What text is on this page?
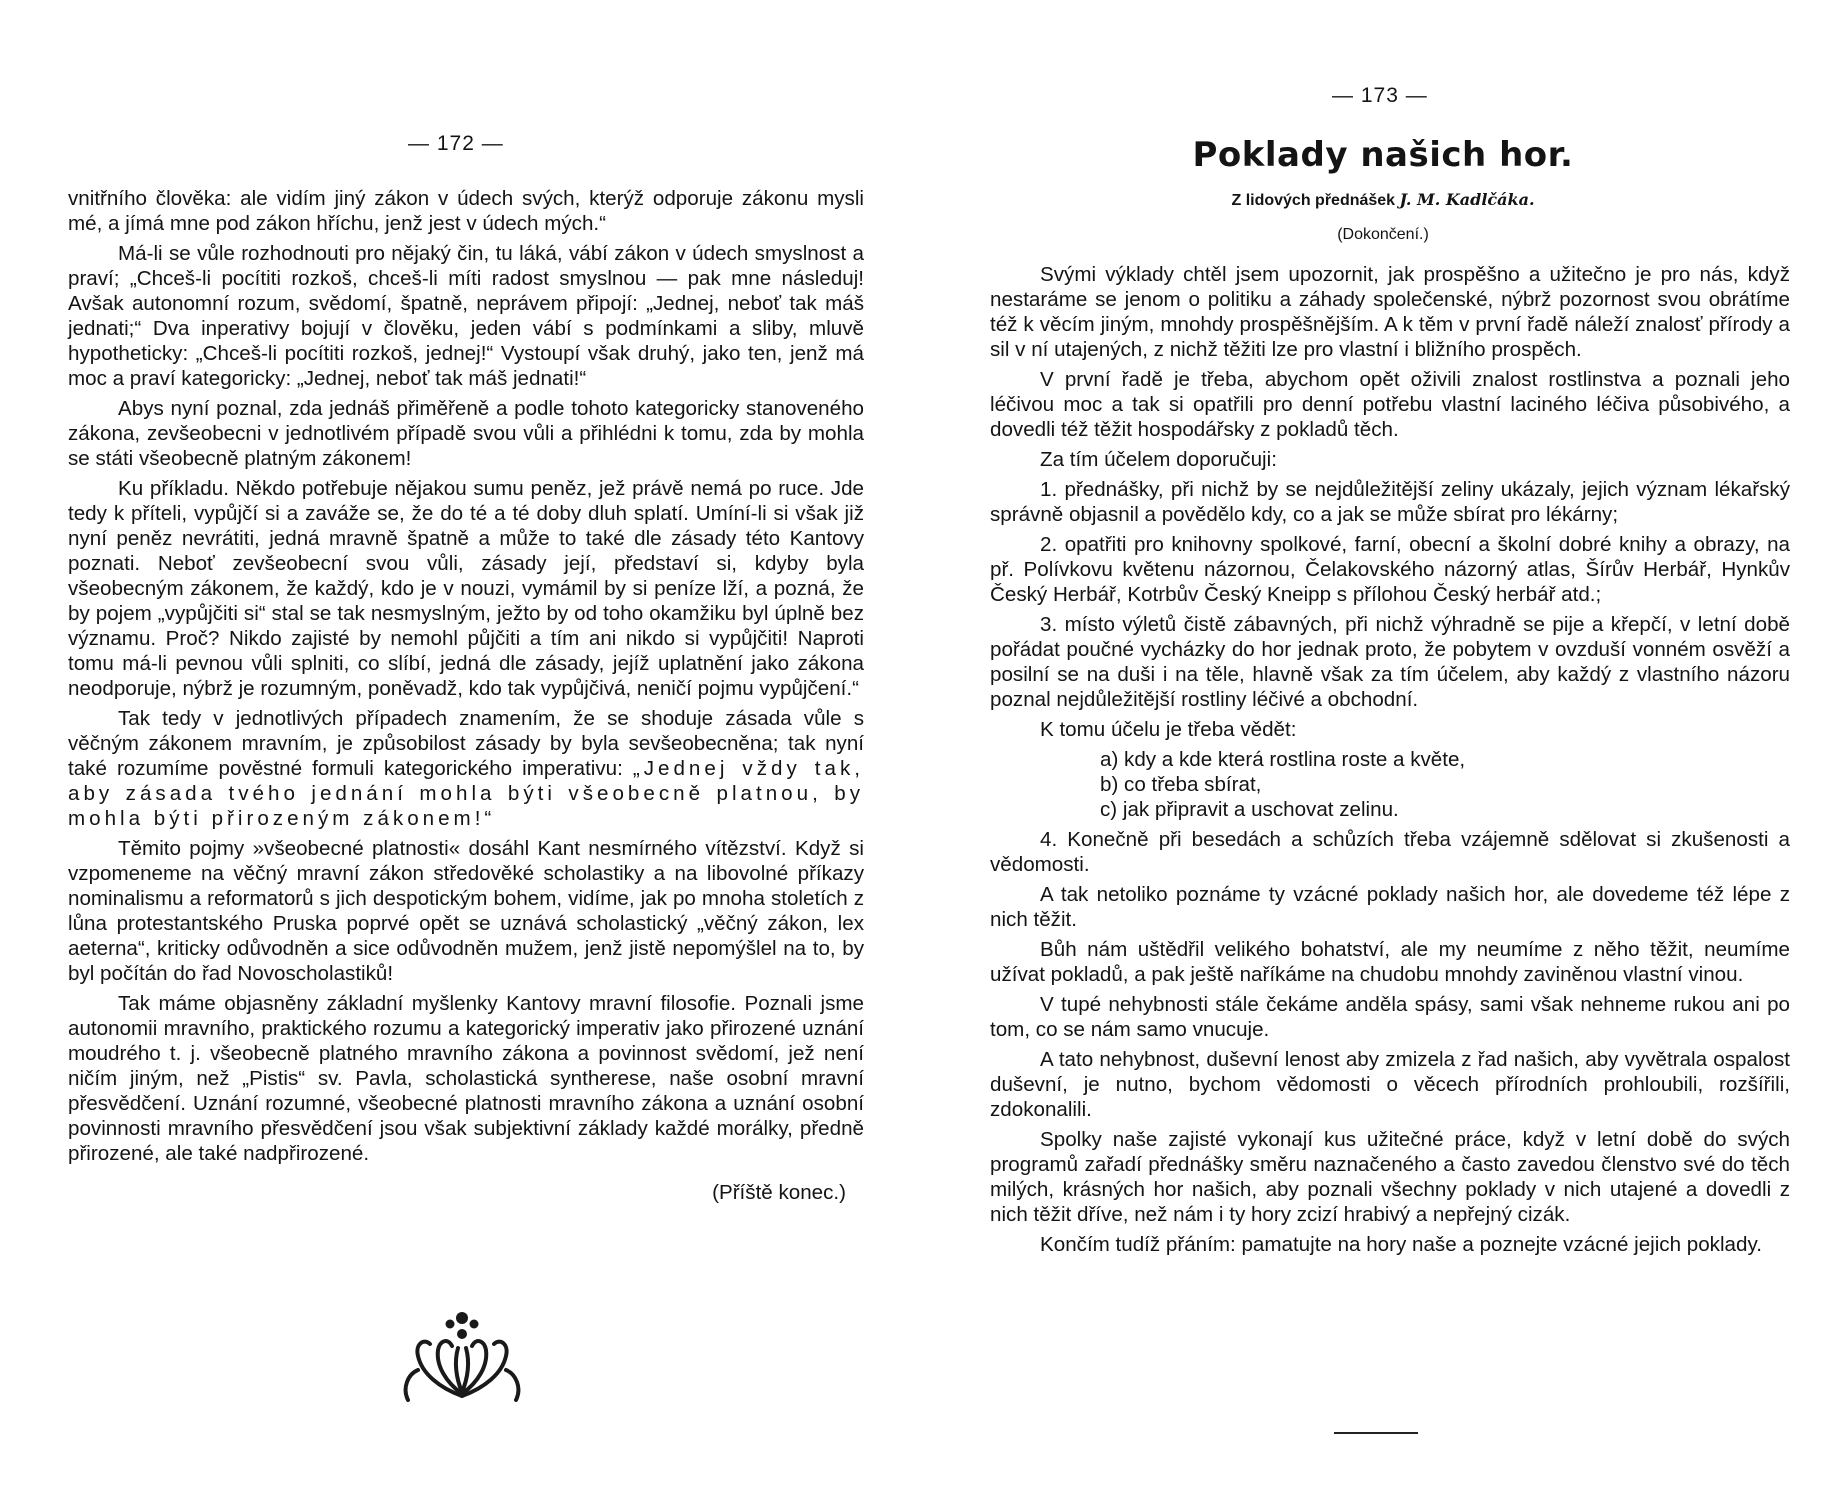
— 172 —

vnitřního člověka: ale vidím jiný zákon v údech svých, kterýž odporuje zákonu mysli mé, a jímá mne pod zákon hříchu, jenž jest v údech mých.“

Má-li se vůle rozhodnouti pro nějaký čin, tu láká, vábí zákon v údech smyslnost a praví; „Chceš-li pocítiti rozkoš, chceš-li míti radost smyslnou — pak mne následuj! Avšak autonomní rozum, svědomí, špatně, neprávem připojí: „Jednej, neboť tak máš jednati;“ Dva inperativy bojují v člověku, jeden vábí s podmínkami a sliby, mluvě hypotheticky: „Chceš-li pocítiti rozkoš, jednej!“ Vystoupí však druhý, jako ten, jenž má moc a praví kategoricky: „Jednej, neboť tak máš jednati!“

Abys nyní poznal, zda jednáš přiměřeně a podle tohoto kategoricky stanoveného zákona, zevšeobecni v jednotlivém případě svou vůli a přihlédni k tomu, zda by mohla se státi všeobecně platným zákonem!

Ku příkladu. Někdo potřebuje nějakou sumu peněz, jež právě nemá po ruce. Jde tedy k příteli, vypůjčí si a zaváže se, že do té a té doby dluh splatí. Umíní-li si však již nyní peněz nevrátiti, jedná mravně špatně a může to také dle zásady této Kantovy poznati. Neboť zevšeobecní svou vůli, zásady její, představí si, kdyby byla všeobecným zákonem, že každý, kdo je v nouzi, vymámil by si peníze lží, a pozná, že by pojem „vypůjčiti si“ stal se tak nesmyslným, ježto by od toho okamžiku byl úplně bez významu. Proč? Nikdo zajisté by nemohl půjčiti a tím ani nikdo si vypůjčiti! Naproti tomu má-li pevnou vůli splniti, co slíbí, jedná dle zásady, jejíž uplatnění jako zákona neodporuje, nýbrž je rozumným, poněvadž, kdo tak vypůjčivá, neničí pojmu vypůjčení.“

Tak tedy v jednotlivých případech znamením, že se shoduje zásada vůle s věčným zákonem mravním, je způsobilost zásady by byla sevšeobecněna; tak nyní také rozumíme pověstné formuli kategorického imperativu: „Jednej vždy tak, aby zásada tvého jednání mohla býti všeobecně platnou, by mohla býti přirozeným zákonem!“

Těmito pojmy »všeobecné platnosti« dosáhl Kant nesmírného vítězství. Když si vzpomeneme na věčný mravní zákon středověké scholastiky a na libovolné příkazy nominalismu a reformatorů s jich despotickým bohem, vidíme, jak po mnoha stoletích z lůna protestantského Pruska poprvé opět se uznává scholastický „věčný zákon, lex aeterna“, kriticky odůvodněn a sice odůvodněn mužem, jenž jistě nepomýšlel na to, by byl počítán do řad Novoscholastiků!

Tak máme objasněny základní myšlenky Kantovy mravní filosofie. Poznali jsme autonomii mravního, praktického rozumu a kategorický imperativ jako přirozené uznání moudrého t. j. všeobecně platného mravního zákona a povinnost svědomí, jež není ničím jiným, než „Pistis“ sv. Pavla, scholastická syntherese, naše osobní mravní přesvědčení. Uznání rozumné, všeobecné platnosti mravního zákona a uznání osobní povinnosti mravního přesvědčení jsou však subjektivní základy každé morálky, předně přirozené, ale také nadpřirozené.

(Příště konec.)

— 173 —
Poklady našich hor.
Z lidových přednášek J. M. Kadlčáka.
(Dokončení.)

Svými výklady chtěl jsem upozornit, jak prospěšno a užitečno je pro nás, když nestaráme se jenom o politiku a záhady společenské, nýbrž pozornost svou obrátíme též k věcím jiným, mnohdy prospěšnějším. A k těm v první řadě náleží znalosť přírody a sil v ní utajených, z nichž těžiti lze pro vlastní i bližního prospěch.

V první řadě je třeba, abychom opět oživili znalost rostlinstva a poznali jeho léčivou moc a tak si opatřili pro denní potřebu vlastní laciného léčiva působivého, a dovedli též těžit hospodářsky z pokladů těch.

Za tím účelem doporučuji:

1. přednášky, při nichž by se nejdůležitější zeliny ukázaly, jejich význam lékařský správně objasnil a povědělo kdy, co a jak se může sbírat pro lékárny;

2. opatřiti pro knihovny spolkové, farní, obecní a školní dobré knihy a obrazy, na př. Polívkovu květenu názornou, Čelakovského názorný atlas, Šírův Herbář, Hynkův Český Herbář, Kotrbův Český Kneipp s přílohou Český herbář atd.;

3. místo výletů čistě zábavných, při nichž výhradně se pije a křepčí, v letní době pořádat poučné vycházky do hor jednak proto, že pobytem v ovzduší vonném osvěží a posilní se na duši i na těle, hlavně však za tím účelem, aby každý z vlastního názoru poznal nejdůležitější rostliny léčivé a obchodní.

K tomu účelu je třeba vědět:

a) kdy a kde která rostlina roste a květe,
b) co třeba sbírat,
c) jak připravit a uschovat zelinu.

4. Konečně při besedách a schůzích třeba vzájemně sdělovat si zkušenosti a vědomosti.

A tak netoliko poznáme ty vzácné poklady našich hor, ale dovedeme též lépe z nich těžit.

Bůh nám uštědřil velikého bohatství, ale my neumíme z něho těžit, neumíme užívat pokladů, a pak ještě naříkáme na chudobu mnohdy zaviněnou vlastní vinou.

V tupé nehybnosti stále čekáme anděla spásy, sami však nehneme rukou ani po tom, co se nám samo vnucuje.

A tato nehybnost, duševní lenost aby zmizela z řad našich, aby vyvětrala ospalost duševní, je nutno, bychom vědomosti o věcech přírodních prohloubili, rozšířili, zdokonalili.

Spolky naše zajisté vykonají kus užitečné práce, když v letní době do svých programů zařadí přednášky směru naznačeného a často zavedou členstvo své do těch milých, krásných hor našich, aby poznali všechny poklady v nich utajené a dovedli z nich těžit dříve, než nám i ty hory zcizí hrabivý a nepřejný cizák.

Končím tudíž přáním: pamatujte na hory naše a poznejte vzácné jejich poklady.
